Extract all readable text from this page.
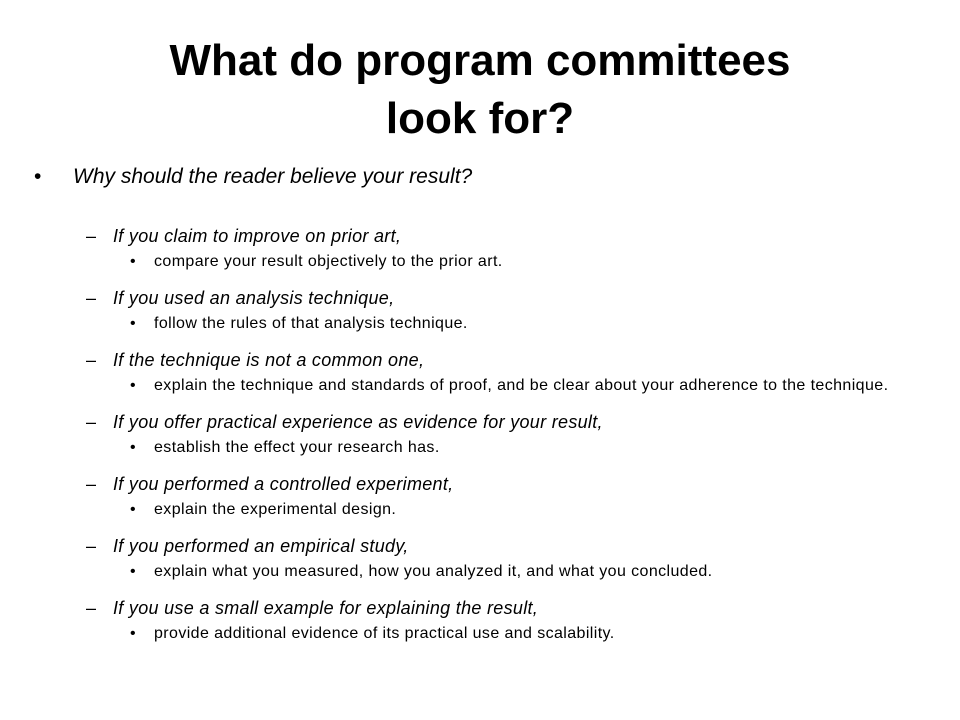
What do program committees
look for?
• Why should the reader believe your result?
– If you claim to improve on prior art,
• compare your result objectively to the prior art.
– If you used an analysis technique,
• follow the rules of that analysis technique.
– If the technique is not a common one,
• explain the technique and standards of proof, and be clear about your adherence to the technique.
– If you offer practical experience as evidence for your result,
• establish the effect your research has.
– If you performed a controlled experiment,
• explain the experimental design.
– If you performed an empirical study,
• explain what you measured, how you analyzed it, and what you concluded.
– If you use a small example for explaining the result,
• provide additional evidence of its practical use and scalability.
